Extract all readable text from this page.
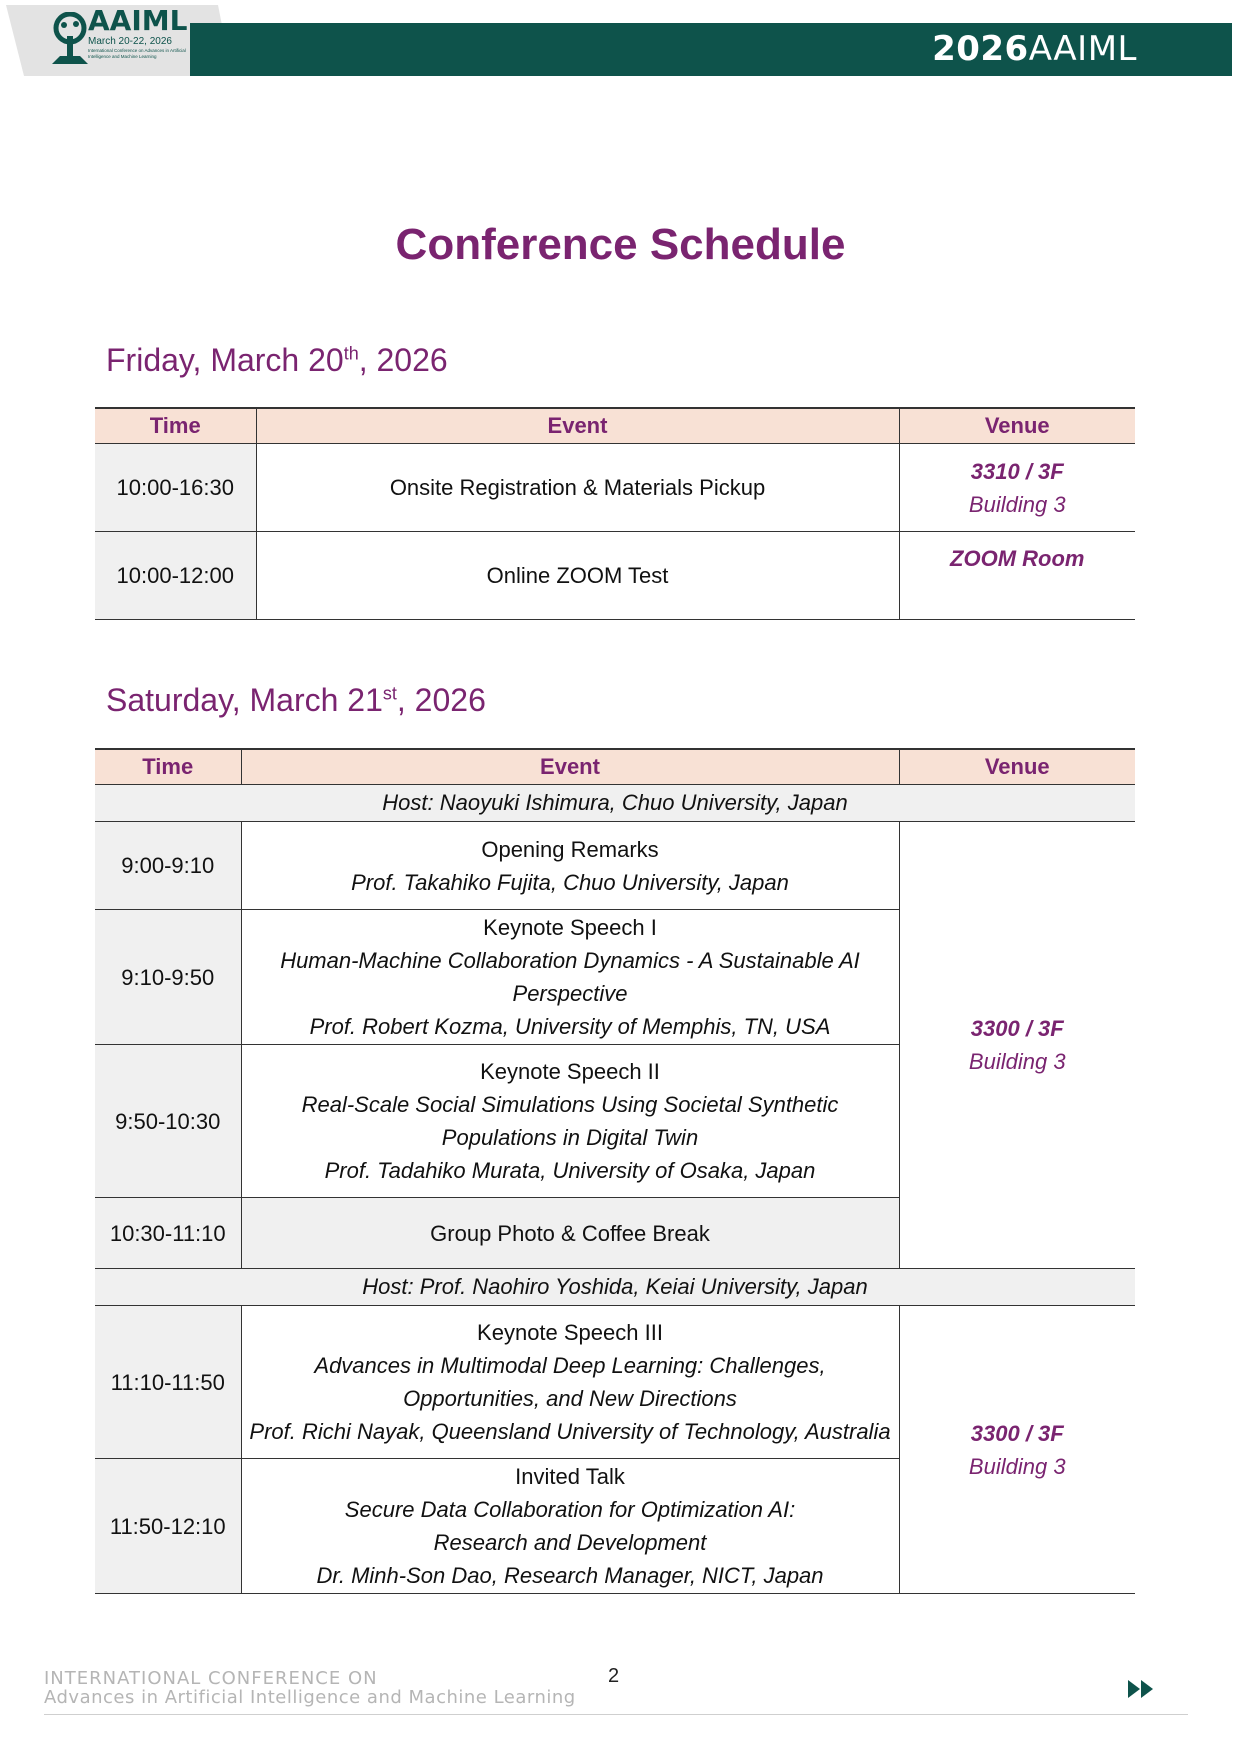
AAIML
March 20-22, 2026
International Conference on Advances in Artificial Intelligence and Machine Learning	2026AAIML
Conference Schedule
Friday, March 20th, 2026
Time	Event	Venue
10:00-16:30	Onsite Registration & Materials Pickup	3310 / 3F
Building 3

10:00-12:00	Online ZOOM Test	ZOOM Room
Saturday, March 21st, 2026
Time	Event	Venue
Host: Naoyuki Ishimura, Chuo University, Japan		
9:00-9:10	Opening Remarks
Prof. Takahiko Fujita, Chuo University, Japan	3300 / 3F
Building 3

9:10-9:50	Keynote Speech I
Human-Machine Collaboration Dynamics - A Sustainable AI
Perspective
Prof. Robert Kozma, University of Memphis, TN, USA	

9:50-10:30	Keynote Speech II
Real-Scale Social Simulations Using Societal Synthetic
Populations in Digital Twin
Prof. Tadahiko Murata, University of Osaka, Japan	

10:30-11:10	Group Photo & Coffee Break	

Host: Prof. Naohiro Yoshida, Keiai University, Japan		
11:10-11:50	Keynote Speech III
Advances in Multimodal Deep Learning: Challenges,
Opportunities, and New Directions
Prof. Richi Nayak, Queensland University of Technology, Australia	3300 / 3F
Building 3

11:50-12:10	Invited Talk
Secure Data Collaboration for Optimization AI:
Research and Development
Dr. Minh-Son Dao, Research Manager, NICT, Japan	
INTERNATIONAL CONFERENCE ON
Advances in Artificial Intelligence and Machine Learning
2
